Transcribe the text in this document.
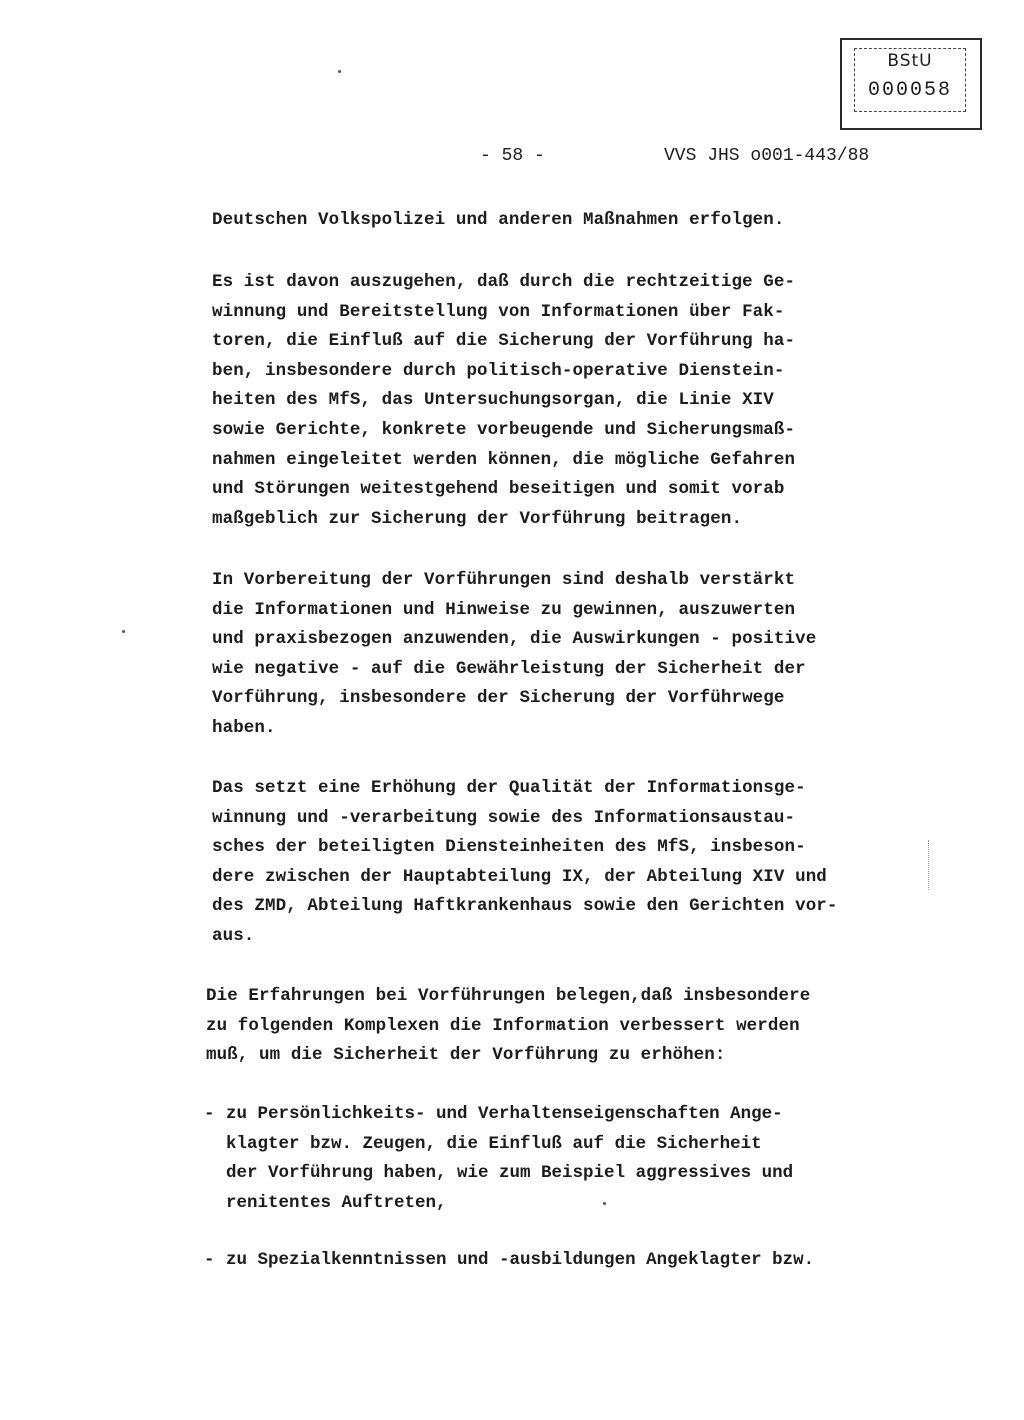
BStU
000058
- 58 -	VVS JHS o001-443/88

Deutschen Volkspolizei und anderen Maßnahmen erfolgen.

Es ist davon auszugehen, daß durch die rechtzeitige Ge-
winnung und Bereitstellung von Informationen über Fak-
toren, die Einfluß auf die Sicherung der Vorführung ha-
ben, insbesondere durch politisch-operative Dienstein-
heiten des MfS, das Untersuchungsorgan, die Linie XIV
sowie Gerichte, konkrete vorbeugende und Sicherungsmaß-
nahmen eingeleitet werden können, die mögliche Gefahren
und Störungen weitestgehend beseitigen und somit vorab
maßgeblich zur Sicherung der Vorführung beitragen.

In Vorbereitung der Vorführungen sind deshalb verstärkt
die Informationen und Hinweise zu gewinnen, auszuwerten
und praxisbezogen anzuwenden, die Auswirkungen - positive
wie negative - auf die Gewährleistung der Sicherheit der
Vorführung, insbesondere der Sicherung der Vorführwege
haben.

Das setzt eine Erhöhung der Qualität der Informationsge-
winnung und -verarbeitung sowie des Informationsaustau-
sches der beteiligten Diensteinheiten des MfS, insbeson-
dere zwischen der Hauptabteilung IX, der Abteilung XIV und
des ZMD, Abteilung Haftkrankenhaus sowie den Gerichten vor-
aus.

Die Erfahrungen bei Vorführungen belegen,daß insbesondere
zu folgenden Komplexen die Information verbessert werden
muß, um die Sicherheit der Vorführung zu erhöhen:

- zu Persönlichkeits- und Verhaltenseigenschaften Ange-
klagter bzw. Zeugen, die Einfluß auf die Sicherheit
der Vorführung haben, wie zum Beispiel aggressives und
renitentes Auftreten,
- zu Spezialkenntnissen und -ausbildungen Angeklagter bzw.
